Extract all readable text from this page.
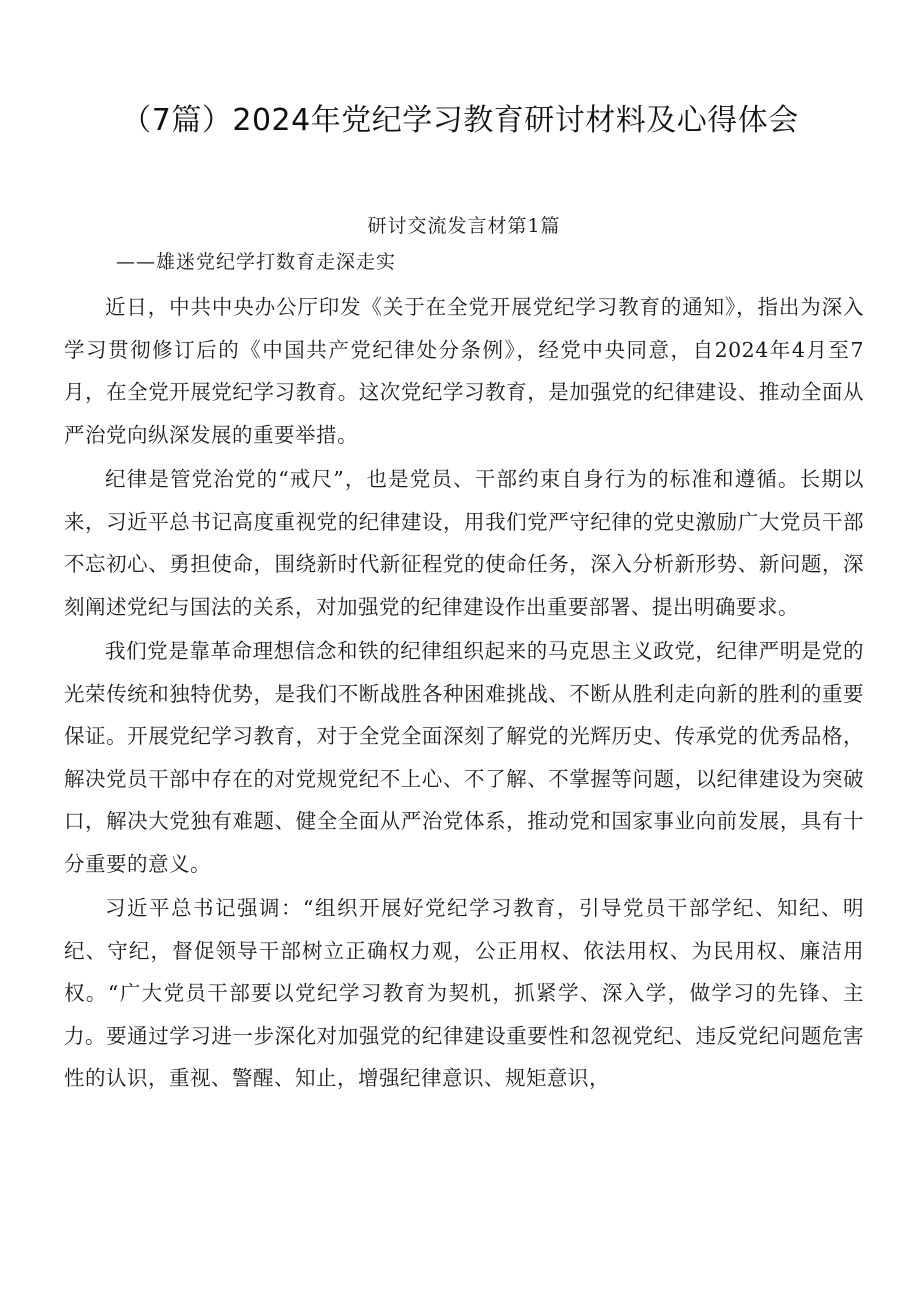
（7篇）2024年党纪学习教育研讨材料及心得体会

研讨交流发言材第1篇

——雄迷党纪学打数育走深走实

近日，中共中央办公厅印发《关于在全党开展党纪学习教育的通知》，指出为深入学习贯彻修订后的《中国共产党纪律处分条例》，经党中央同意，自2024年4月至7月，在全党开展党纪学习教育。这次党纪学习教育，是加强党的纪律建设、推动全面从严治党向纵深发展的重要举措。

纪律是管党治党的“戒尺”，也是党员、干部约束自身行为的标准和遵循。长期以来，习近平总书记高度重视党的纪律建设，用我们党严守纪律的党史激励广大党员干部不忘初心、勇担使命，围绕新时代新征程党的使命任务，深入分析新形势、新问题，深刻阐述党纪与国法的关系，对加强党的纪律建设作出重要部署、提出明确要求。

我们党是靠革命理想信念和铁的纪律组织起来的马克思主义政党，纪律严明是党的光荣传统和独特优势，是我们不断战胜各种困难挑战、不断从胜利走向新的胜利的重要保证。开展党纪学习教育，对于全党全面深刻了解党的光辉历史、传承党的优秀品格，解决党员干部中存在的对党规党纪不上心、不了解、不掌握等问题，以纪律建设为突破口，解决大党独有难题、健全全面从严治党体系，推动党和国家事业向前发展，具有十分重要的意义。

习近平总书记强调：“组织开展好党纪学习教育，引导党员干部学纪、知纪、明纪、守纪，督促领导干部树立正确权力观，公正用权、依法用权、为民用权、廉洁用权。“广大党员干部要以党纪学习教育为契机，抓紧学、深入学，做学习的先锋、主力。要通过学习进一步深化对加强党的纪律建设重要性和忽视党纪、违反党纪问题危害性的认识，重视、警醒、知止，增强纪律意识、规矩意识，
